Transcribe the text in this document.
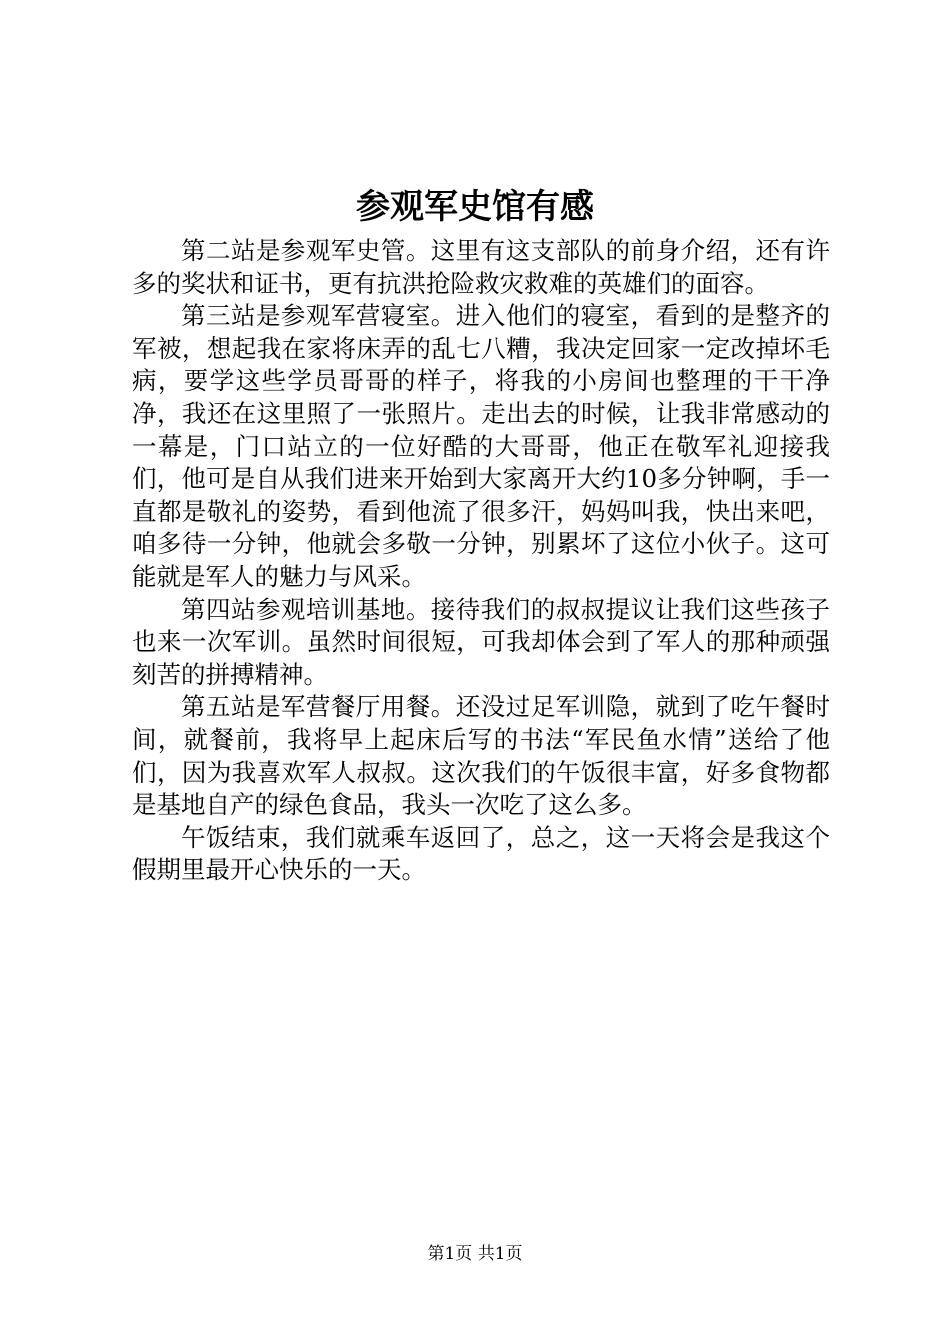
参观军史馆有感

第二站是参观军史管。这里有这支部队的前身介绍，还有许多的奖状和证书，更有抗洪抢险救灾救难的英雄们的面容。

第三站是参观军营寝室。进入他们的寝室，看到的是整齐的军被，想起我在家将床弄的乱七八糟，我决定回家一定改掉坏毛病，要学这些学员哥哥的样子，将我的小房间也整理的干干净净，我还在这里照了一张照片。走出去的时候，让我非常感动的一幕是，门口站立的一位好酷的大哥哥，他正在敬军礼迎接我们，他可是自从我们进来开始到大家离开大约10多分钟啊，手一直都是敬礼的姿势，看到他流了很多汗，妈妈叫我，快出来吧，咱多待一分钟，他就会多敬一分钟，别累坏了这位小伙子。这可能就是军人的魅力与风采。

第四站参观培训基地。接待我们的叔叔提议让我们这些孩子也来一次军训。虽然时间很短，可我却体会到了军人的那种顽强刻苦的拼搏精神。

第五站是军营餐厅用餐。还没过足军训隐，就到了吃午餐时间，就餐前，我将早上起床后写的书法“军民鱼水情”送给了他们，因为我喜欢军人叔叔。这次我们的午饭很丰富，好多食物都是基地自产的绿色食品，我头一次吃了这么多。

午饭结束，我们就乘车返回了，总之，这一天将会是我这个假期里最开心快乐的一天。

第1页 共1页
